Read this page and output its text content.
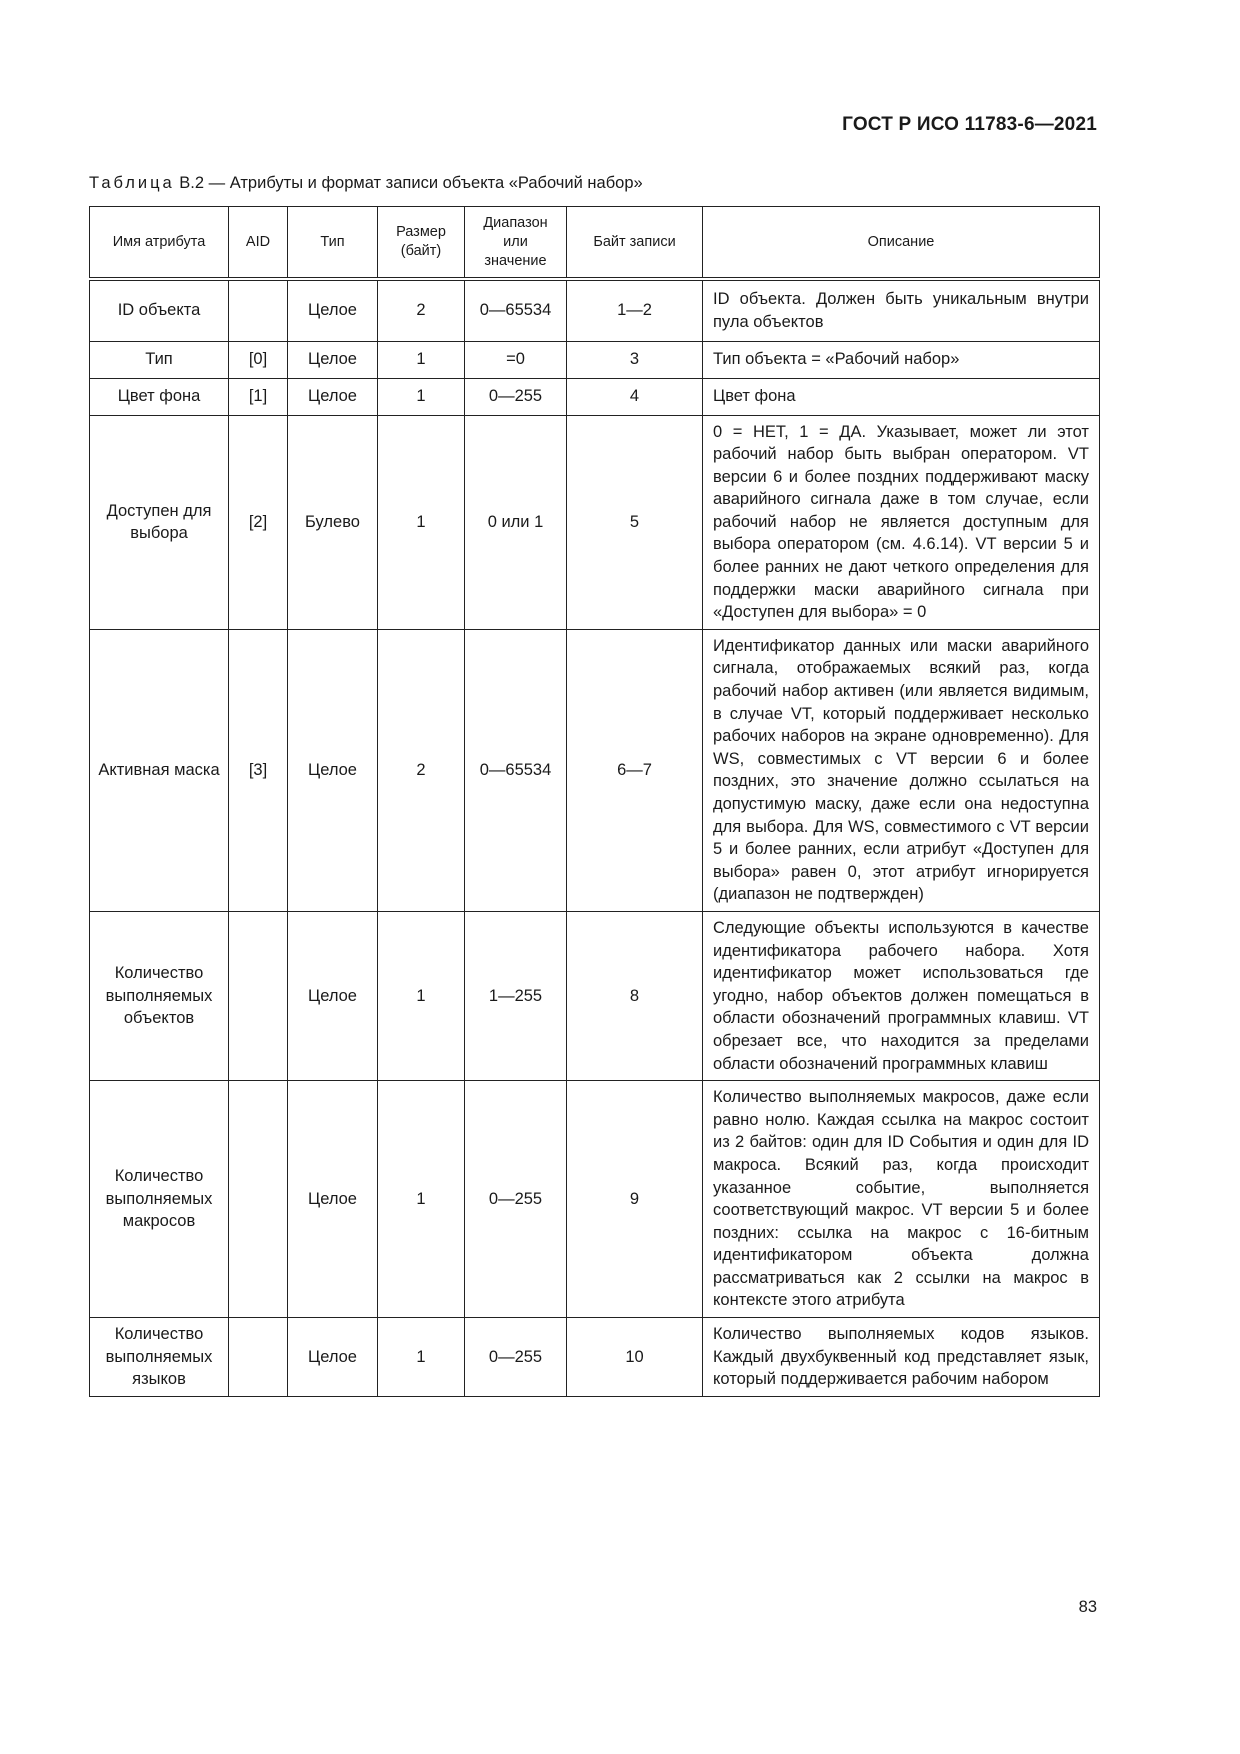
ГОСТ Р ИСО 11783-6—2021
Таблица В.2 — Атрибуты и формат записи объекта «Рабочий набор»
Имя атрибута	AID	Тип	Размер (байт)	Диапазон или значение	Байт записи	Описание
ID объекта		Целое	2	0—65534	1—2	ID объекта. Должен быть уникальным внутри пула объектов
Тип	[0]	Целое	1	=0	3	Тип объекта = «Рабочий набор»
Цвет фона	[1]	Целое	1	0—255	4	Цвет фона
Доступен для выбора	[2]	Булево	1	0 или 1	5	0 = НЕТ, 1 = ДА. Указывает, может ли этот рабочий набор быть выбран оператором. VT версии 6 и более поздних поддерживают маску аварийного сигнала даже в том случае, если рабочий набор не является доступным для выбора оператором (см. 4.6.14). VT версии 5 и более ранних не дают четкого определения для поддержки маски аварийного сигнала при «Доступен для выбора» = 0
Активная маска	[3]	Целое	2	0—65534	6—7	Идентификатор данных или маски аварийного сигнала, отображаемых всякий раз, когда рабочий набор активен (или является видимым, в случае VT, который поддерживает несколько рабочих наборов на экране одновременно). Для WS, совместимых с VT версии 6 и более поздних, это значение должно ссылаться на допустимую маску, даже если она недоступна для выбора. Для WS, совместимого с VT версии 5 и более ранних, если атрибут «Доступен для выбора» равен 0, этот атрибут игнорируется (диапазон не подтвержден)
Количество выполняемых объектов		Целое	1	1—255	8	Следующие объекты используются в качестве идентификатора рабочего набора. Хотя идентификатор может использоваться где угодно, набор объектов должен помещаться в области обозначений программных клавиш. VT обрезает все, что находится за пределами области обозначений программных клавиш
Количество выполняемых макросов		Целое	1	0—255	9	Количество выполняемых макросов, даже если равно нолю. Каждая ссылка на макрос состоит из 2 байтов: один для ID События и один для ID макроса. Всякий раз, когда происходит указанное событие, выполняется соответствующий макрос. VT версии 5 и более поздних: ссылка на макрос с 16-битным идентификатором объекта должна рассматриваться как 2 ссылки на макрос в контексте этого атрибута
Количество выполняемых языков		Целое	1	0—255	10	Количество выполняемых кодов языков. Каждый двухбуквенный код представляет язык, который поддерживается рабочим набором
83
